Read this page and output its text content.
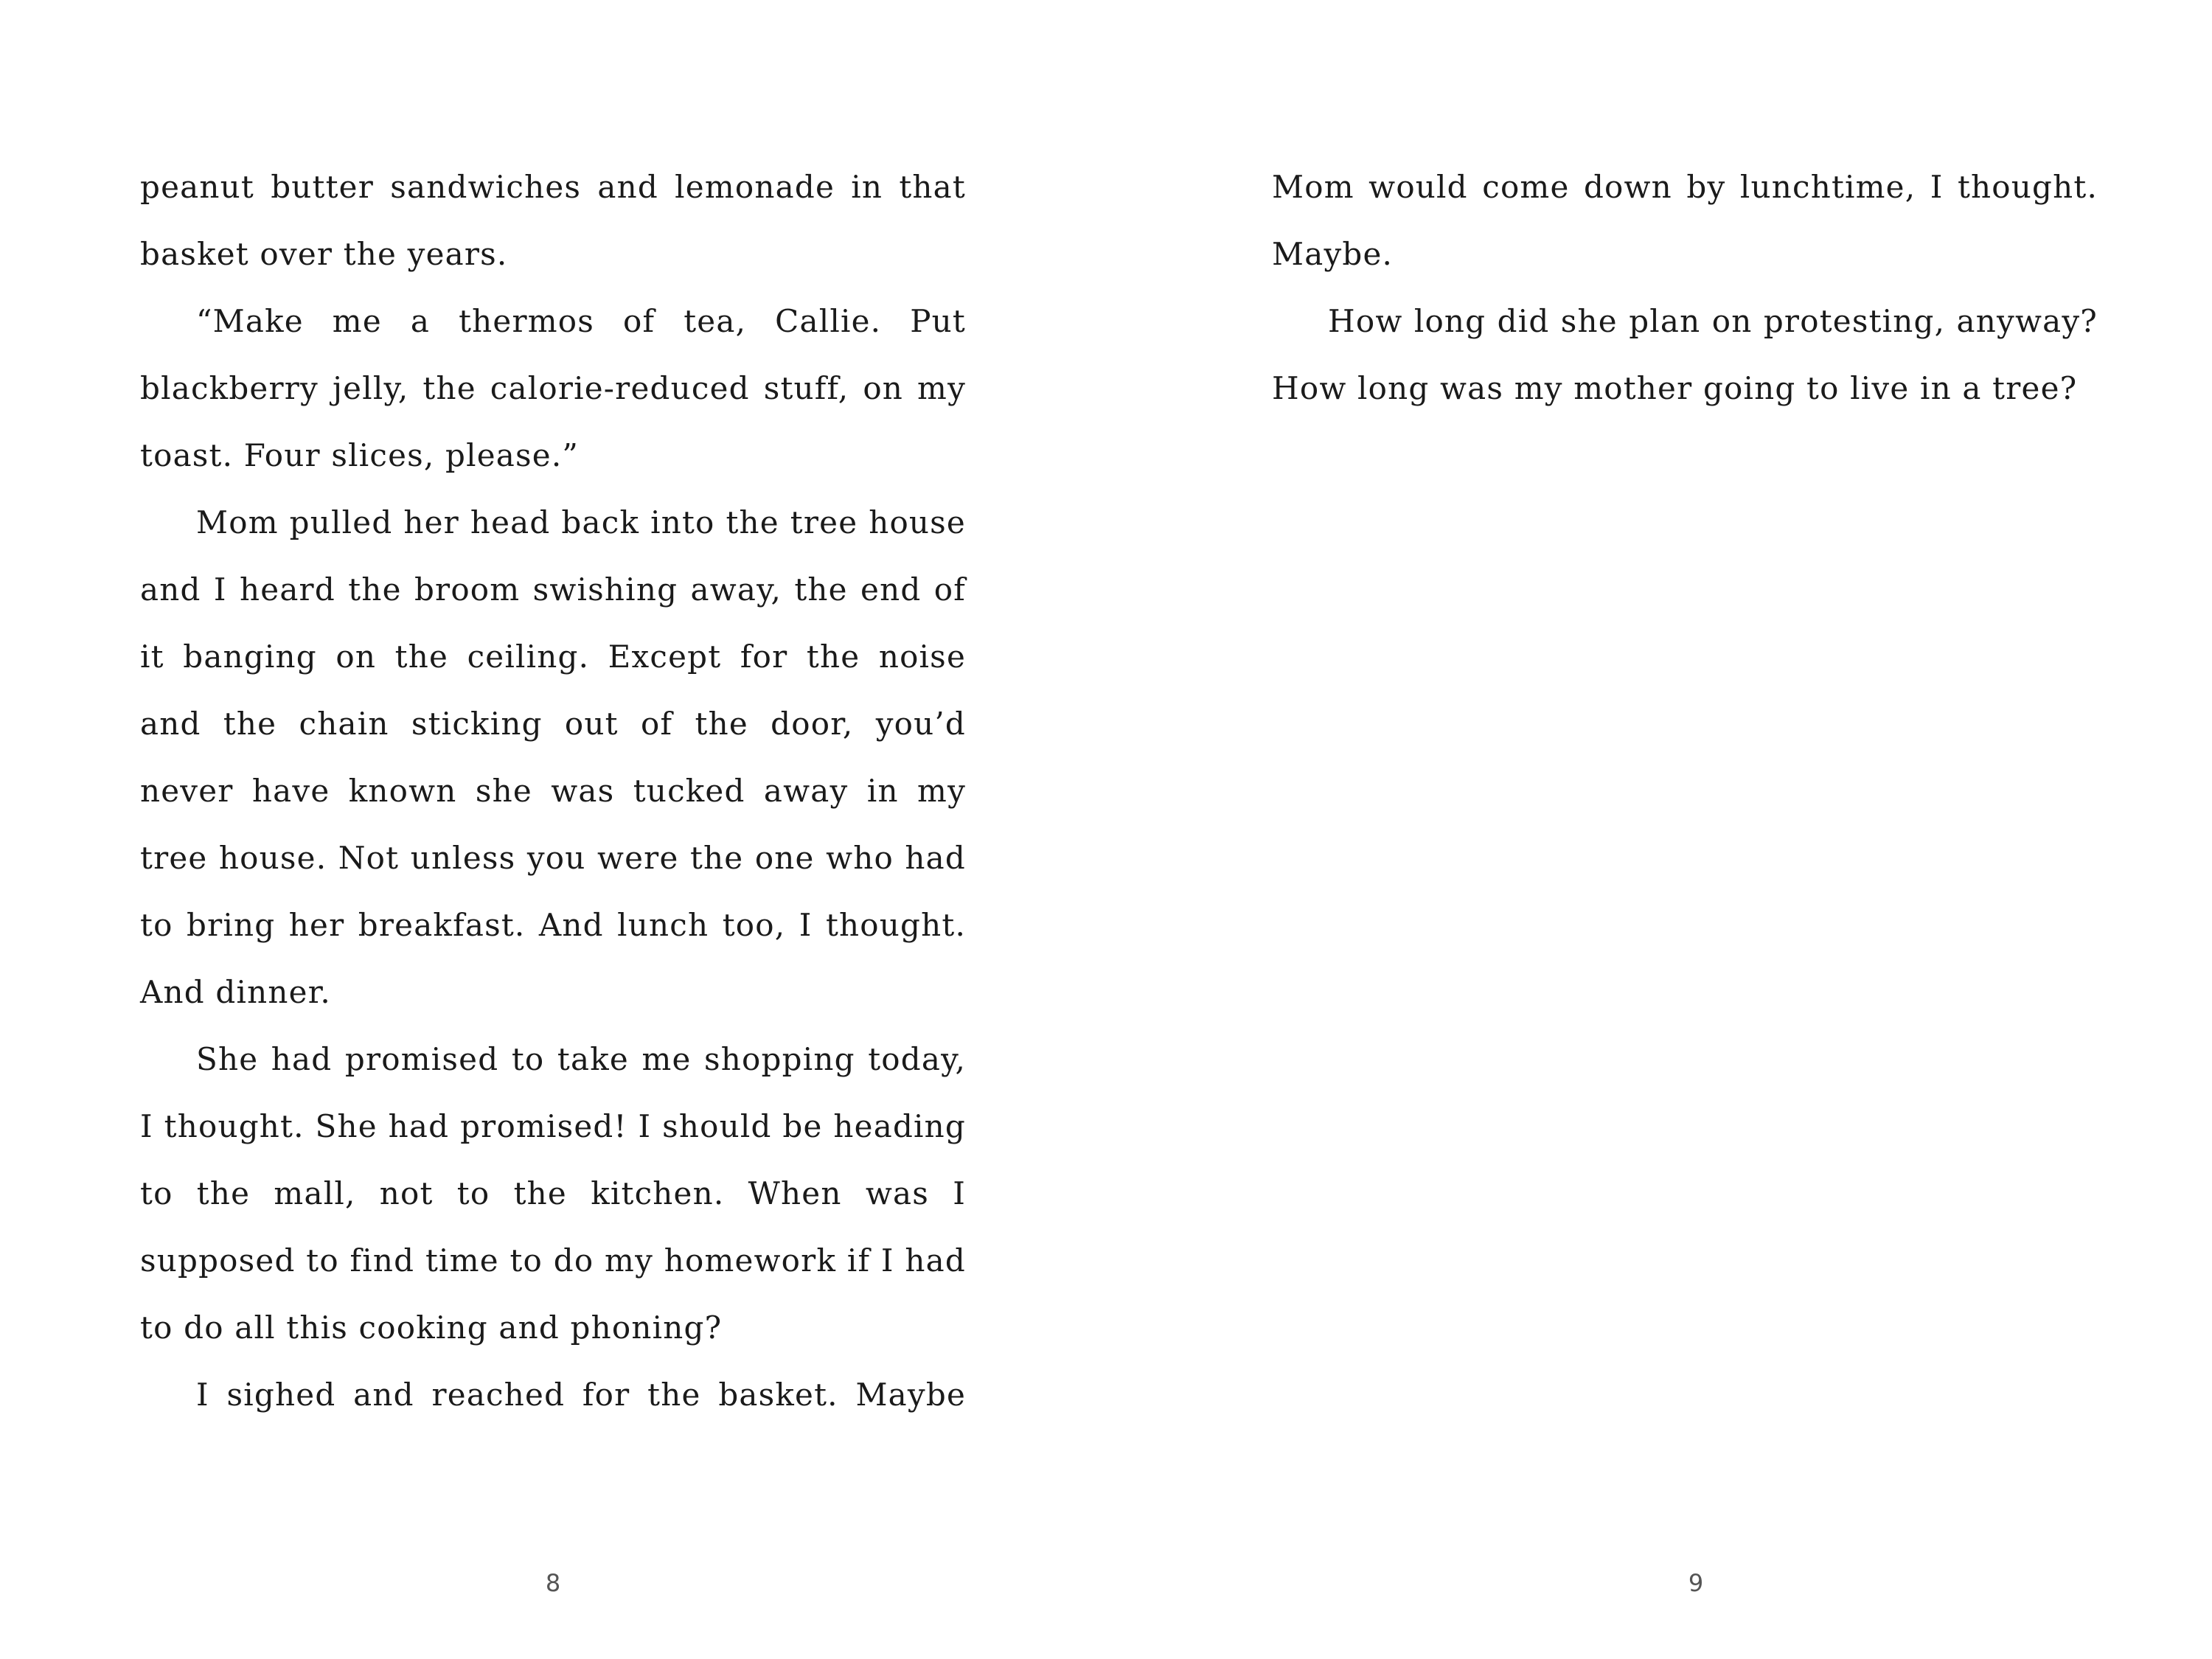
peanut butter sandwiches and lemonade in that basket over the years.

“Make me a thermos of tea, Callie. Put blackberry jelly, the calorie-reduced stuff, on my toast. Four slices, please.”

Mom pulled her head back into the tree house and I heard the broom swishing away, the end of it banging on the ceiling. Except for the noise and the chain sticking out of the door, you’d never have known she was tucked away in my tree house. Not unless you were the one who had to bring her breakfast. And lunch too, I thought. And dinner.

She had promised to take me shopping today, I thought. She had promised! I should be heading to the mall, not to the kitchen. When was I supposed to find time to do my homework if I had to do all this cooking and phoning?

I sighed and reached for the basket. Maybe

8

Mom would come down by lunchtime, I thought. Maybe.

How long did she plan on protesting, anyway? How long was my mother going to live in a tree?

9
